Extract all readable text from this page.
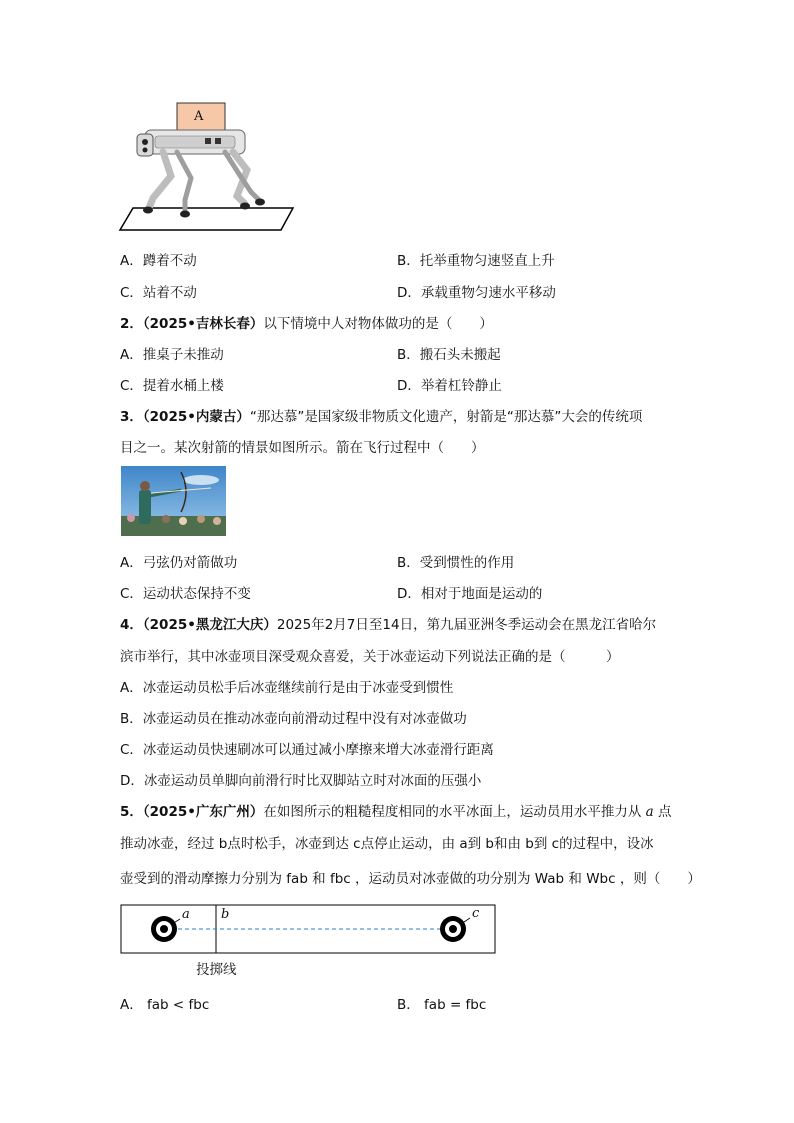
A
A．蹲着不动	B．托举重物匀速竖直上升
C．站着不动	D．承载重物匀速水平移动
2．（2025•吉林长春）以下情境中人对物体做功的是（　　）
A．推桌子未推动	B．搬石头未搬起
C．提着水桶上楼	D．举着杠铃静止
3．（2025•内蒙古）“那达慕”是国家级非物质文化遗产，射箭是“那达慕”大会的传统项
目之一。某次射箭的情景如图所示。箭在飞行过程中（　　）
A．弓弦仍对箭做功	B．受到惯性的作用
C．运动状态保持不变	D．相对于地面是运动的
4．（2025•黑龙江大庆）2025年2月7日至14日，第九届亚洲冬季运动会在黑龙江省哈尔
滨市举行，其中冰壶项目深受观众喜爱，关于冰壶运动下列说法正确的是（　　　）
A．冰壶运动员松手后冰壶继续前行是由于冰壶受到惯性
B．冰壶运动员在推动冰壶向前滑动过程中没有对冰壶做功
C．冰壶运动员快速刷冰可以通过减小摩擦来增大冰壶滑行距离
D．冰壶运动员单脚向前滑行时比双脚站立时对冰面的压强小
5．（2025•广东广州）在如图所示的粗糙程度相同的水平冰面上，运动员用水平推力从 a 点
推动冰壶，经过 b点时松手，冰壶到达 c点停止运动，由 a到 b和由 b到 c的过程中，设冰
壶受到的滑动摩擦力分别为 fab 和 fbc ，运动员对冰壶做的功分别为 Wab 和 Wbc ，则（　　）
a b	c
投掷线
A． fab < fbc	B． fab = fbc
